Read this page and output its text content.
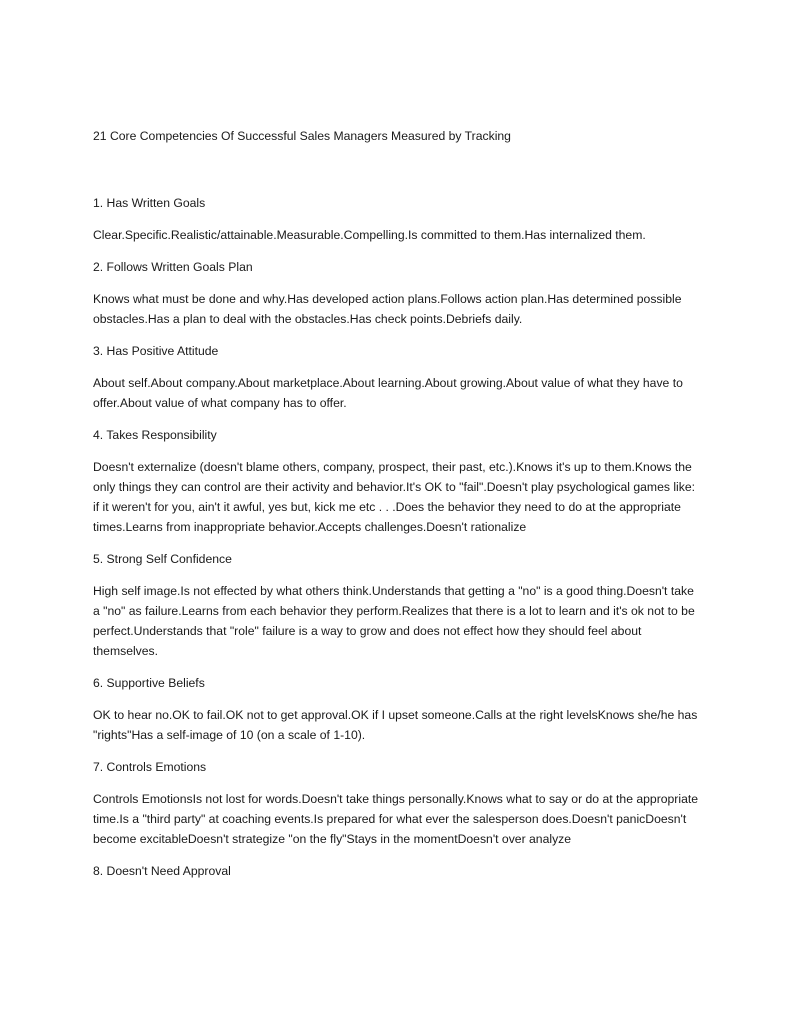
21 Core Competencies Of Successful Sales Managers Measured by Tracking

1. Has Written Goals

Clear.Specific.Realistic/attainable.Measurable.Compelling.Is committed to them.Has internalized them.

2. Follows Written Goals Plan

Knows what must be done and why.Has developed action plans.Follows action plan.Has determined possible obstacles.Has a plan to deal with the obstacles.Has check points.Debriefs daily.

3. Has Positive Attitude

About self.About company.About marketplace.About learning.About growing.About value of what they have to offer.About value of what company has to offer.

4. Takes Responsibility

Doesn't externalize (doesn't blame others, company, prospect, their past, etc.).Knows it's up to them.Knows the only things they can control are their activity and behavior.It's OK to "fail".Doesn't play psychological games like: if it weren't for you, ain't it awful, yes but, kick me etc . . .Does the behavior they need to do at the appropriate times.Learns from inappropriate behavior.Accepts challenges.Doesn't rationalize

5. Strong Self Confidence

High self image.Is not effected by what others think.Understands that getting a "no" is a good thing.Doesn't take a "no" as failure.Learns from each behavior they perform.Realizes that there is a lot to learn and it's ok not to be perfect.Understands that "role" failure is a way to grow and does not effect how they should feel about themselves.

6. Supportive Beliefs

OK to hear no.OK to fail.OK not to get approval.OK if I upset someone.Calls at the right levelsKnows she/he has "rights"Has a self-image of 10 (on a scale of 1-10).

7. Controls Emotions

Controls EmotionsIs not lost for words.Doesn't take things personally.Knows what to say or do at the appropriate time.Is a "third party" at coaching events.Is prepared for what ever the salesperson does.Doesn't panicDoesn't become excitableDoesn't strategize "on the fly"Stays in the momentDoesn't over analyze

8. Doesn't Need Approval
